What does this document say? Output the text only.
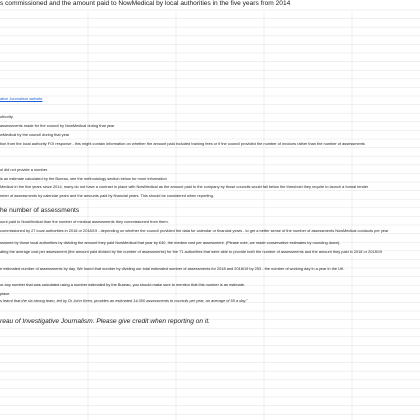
s commissioned and the amount paid to NowMedical by local authorities in the five years from 2014
ative Journalism website
uthority
assessments made for the council by NowMedical during that year
wMedical by the council during that year
tion from the local authority FOI response - this might contain information on whether the amount paid included training fees or if the council provided the number of invoices rather than the number of assessments
ol did not provide a number.
is an estimate calculated by the Bureau, see the methodology section below for more information
Medical in the five years since 2014, many do not have a contract in place with NowMedical as the amount paid to the company by those councils would fall below the threshold they require to launch a formal tender
mber of assessments by calendar years and the amounts paid by financial years. This should be considered when reporting.
he number of assessments
ount paid to NowMedical than the number of medical assessments they commissioned from them.
commissioned by 27 local authorities in 2018 or 2018/19 - depending on whether the council provided the data for calendar or financial years - to get a better sense of the number of assessments NowMedical conducts per year
ssioned by those local authorities by dividing the amount they paid NowMedical that year by £40, the median cost per assessment. (Please note, we made conservative estimates by rounding down).
ating the average cost per assessment (the amount paid divided by the number of assessments) for the 71 authorities that were able to provide both the number of assessments and the amount they paid in 2018 or 2018/19
e estimated number of assessments by day. We found that number by dividing our total estimated number of assessments for 2018 and 2018/19 by 253 - the number of working day in a year in the UK.
or any number that was calculated using a number estimated by the Bureau, you should make sure to mention that this number is an estimate.
place.
s learnt that the six-strong team, led by Dr John Keen, provides an estimated 14,000 assessments to councils per year, an average of 55 a day."
reau of Investigative Journalism. Please give credit when reporting on it.
